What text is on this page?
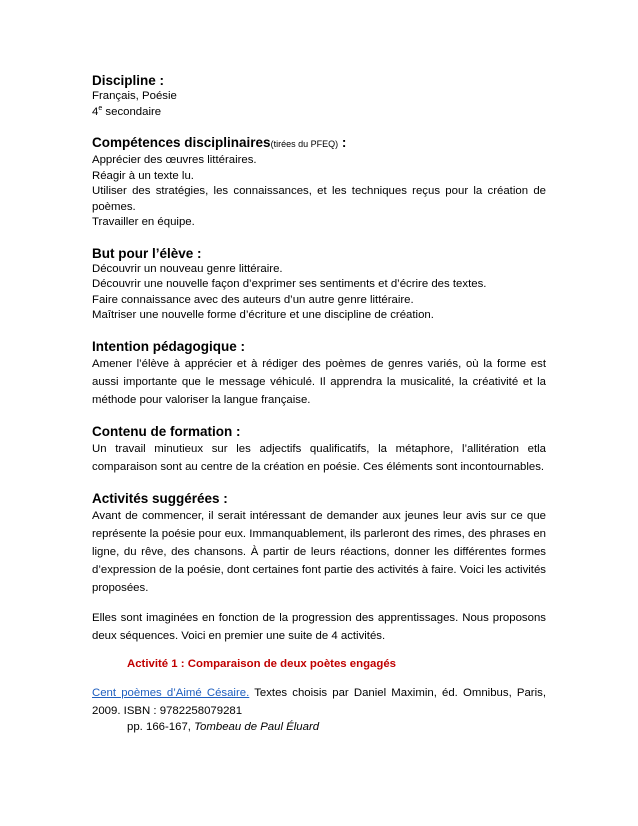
Discipline :

Français, Poésie

4e secondaire

Compétences disciplinaires(tirées du PFEQ) :

Apprécier des œuvres littéraires.

Réagir à un texte lu.

Utiliser des stratégies, les connaissances, et les techniques reçus pour la création de poèmes.

Travailler en équipe.

But pour l’élève :

Découvrir un nouveau genre littéraire.

Découvrir une nouvelle façon d’exprimer ses sentiments et d’écrire des textes.

Faire connaissance avec des auteurs d’un autre genre littéraire.

Maîtriser une nouvelle forme d’écriture et une discipline de création.

Intention pédagogique :

Amener l’élève à apprécier et à rédiger des poèmes de genres variés, où la forme est aussi importante que le message véhiculé. Il apprendra la musicalité, la créativité et la méthode pour valoriser la langue française.

Contenu de formation :

Un travail minutieux sur les adjectifs qualificatifs, la métaphore, l’allitération etla comparaison sont au centre de la création en poésie. Ces éléments sont incontournables.

Activités suggérées :

Avant de commencer, il serait intéressant de demander aux jeunes leur avis sur ce que représente la poésie pour eux. Immanquablement, ils parleront des rimes, des phrases en ligne, du rêve, des chansons. À partir de leurs réactions, donner les différentes formes d’expression de la poésie, dont certaines font partie des activités à faire. Voici les activités proposées.

Elles sont imaginées en fonction de la progression des apprentissages. Nous proposons deux séquences. Voici en premier une suite de 4 activités.

Activité 1 : Comparaison de deux poètes engagés

Cent poèmes d’Aimé Césaire. Textes choisis par Daniel Maximin, éd. Omnibus, Paris, 2009. ISBN : 9782258079281

pp. 166-167, Tombeau de Paul Éluard
